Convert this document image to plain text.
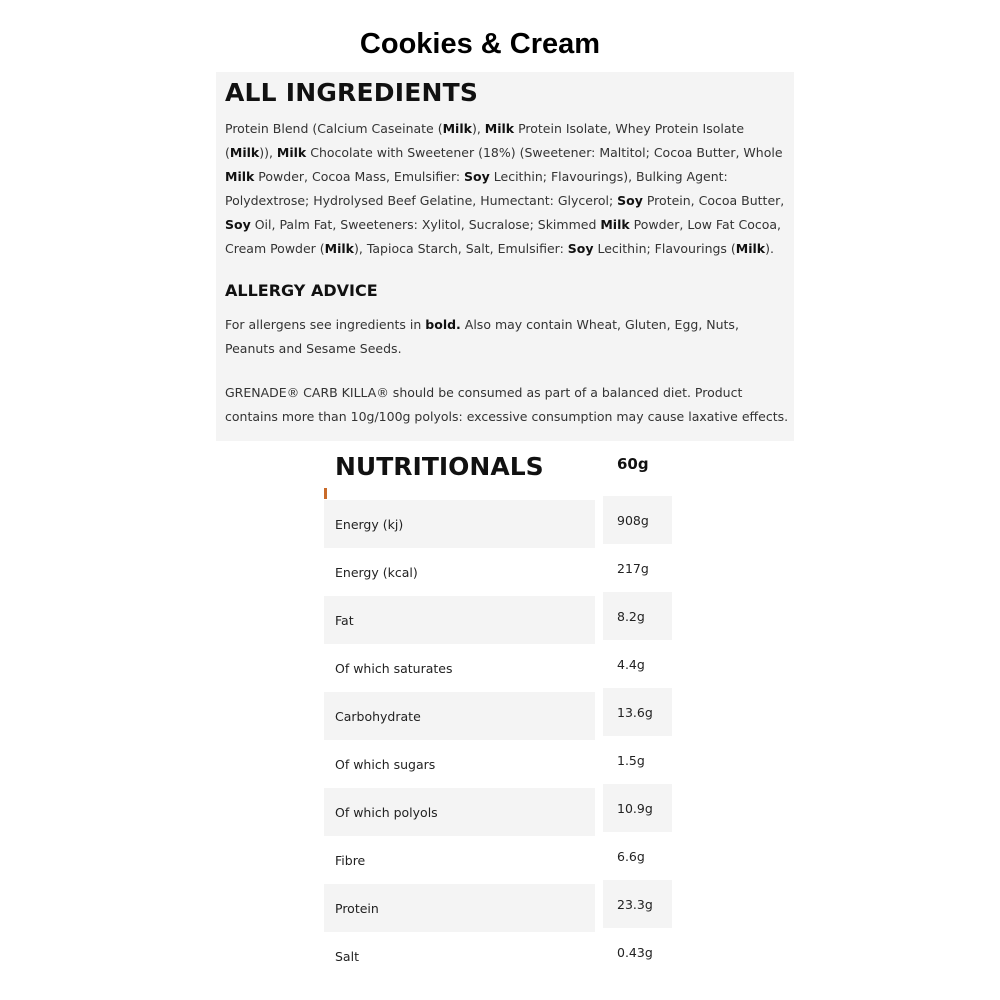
Cookies & Cream
ALL INGREDIENTS

Protein Blend (Calcium Caseinate (Milk), Milk Protein Isolate, Whey Protein Isolate (Milk)), Milk Chocolate with Sweetener (18%) (Sweetener: Maltitol; Cocoa Butter, Whole Milk Powder, Cocoa Mass, Emulsifier: Soy Lecithin; Flavourings), Bulking Agent: Polydextrose; Hydrolysed Beef Gelatine, Humectant: Glycerol; Soy Protein, Cocoa Butter, Soy Oil, Palm Fat, Sweeteners: Xylitol, Sucralose; Skimmed Milk Powder, Low Fat Cocoa, Cream Powder (Milk), Tapioca Starch, Salt, Emulsifier: Soy Lecithin; Flavourings (Milk).

ALLERGY ADVICE

For allergens see ingredients in bold. Also may contain Wheat, Gluten, Egg, Nuts, Peanuts and Sesame Seeds.

GRENADE® CARB KILLA® should be consumed as part of a balanced diet. Product contains more than 10g/100g polyols: excessive consumption may cause laxative effects.

NUTRITIONALS	60g
Energy (kj)	908g
Energy (kcal)	217g
Fat	8.2g
Of which saturates	4.4g
Carbohydrate	13.6g
Of which sugars	1.5g
Of which polyols	10.9g
Fibre	6.6g
Protein	23.3g
Salt	0.43g
